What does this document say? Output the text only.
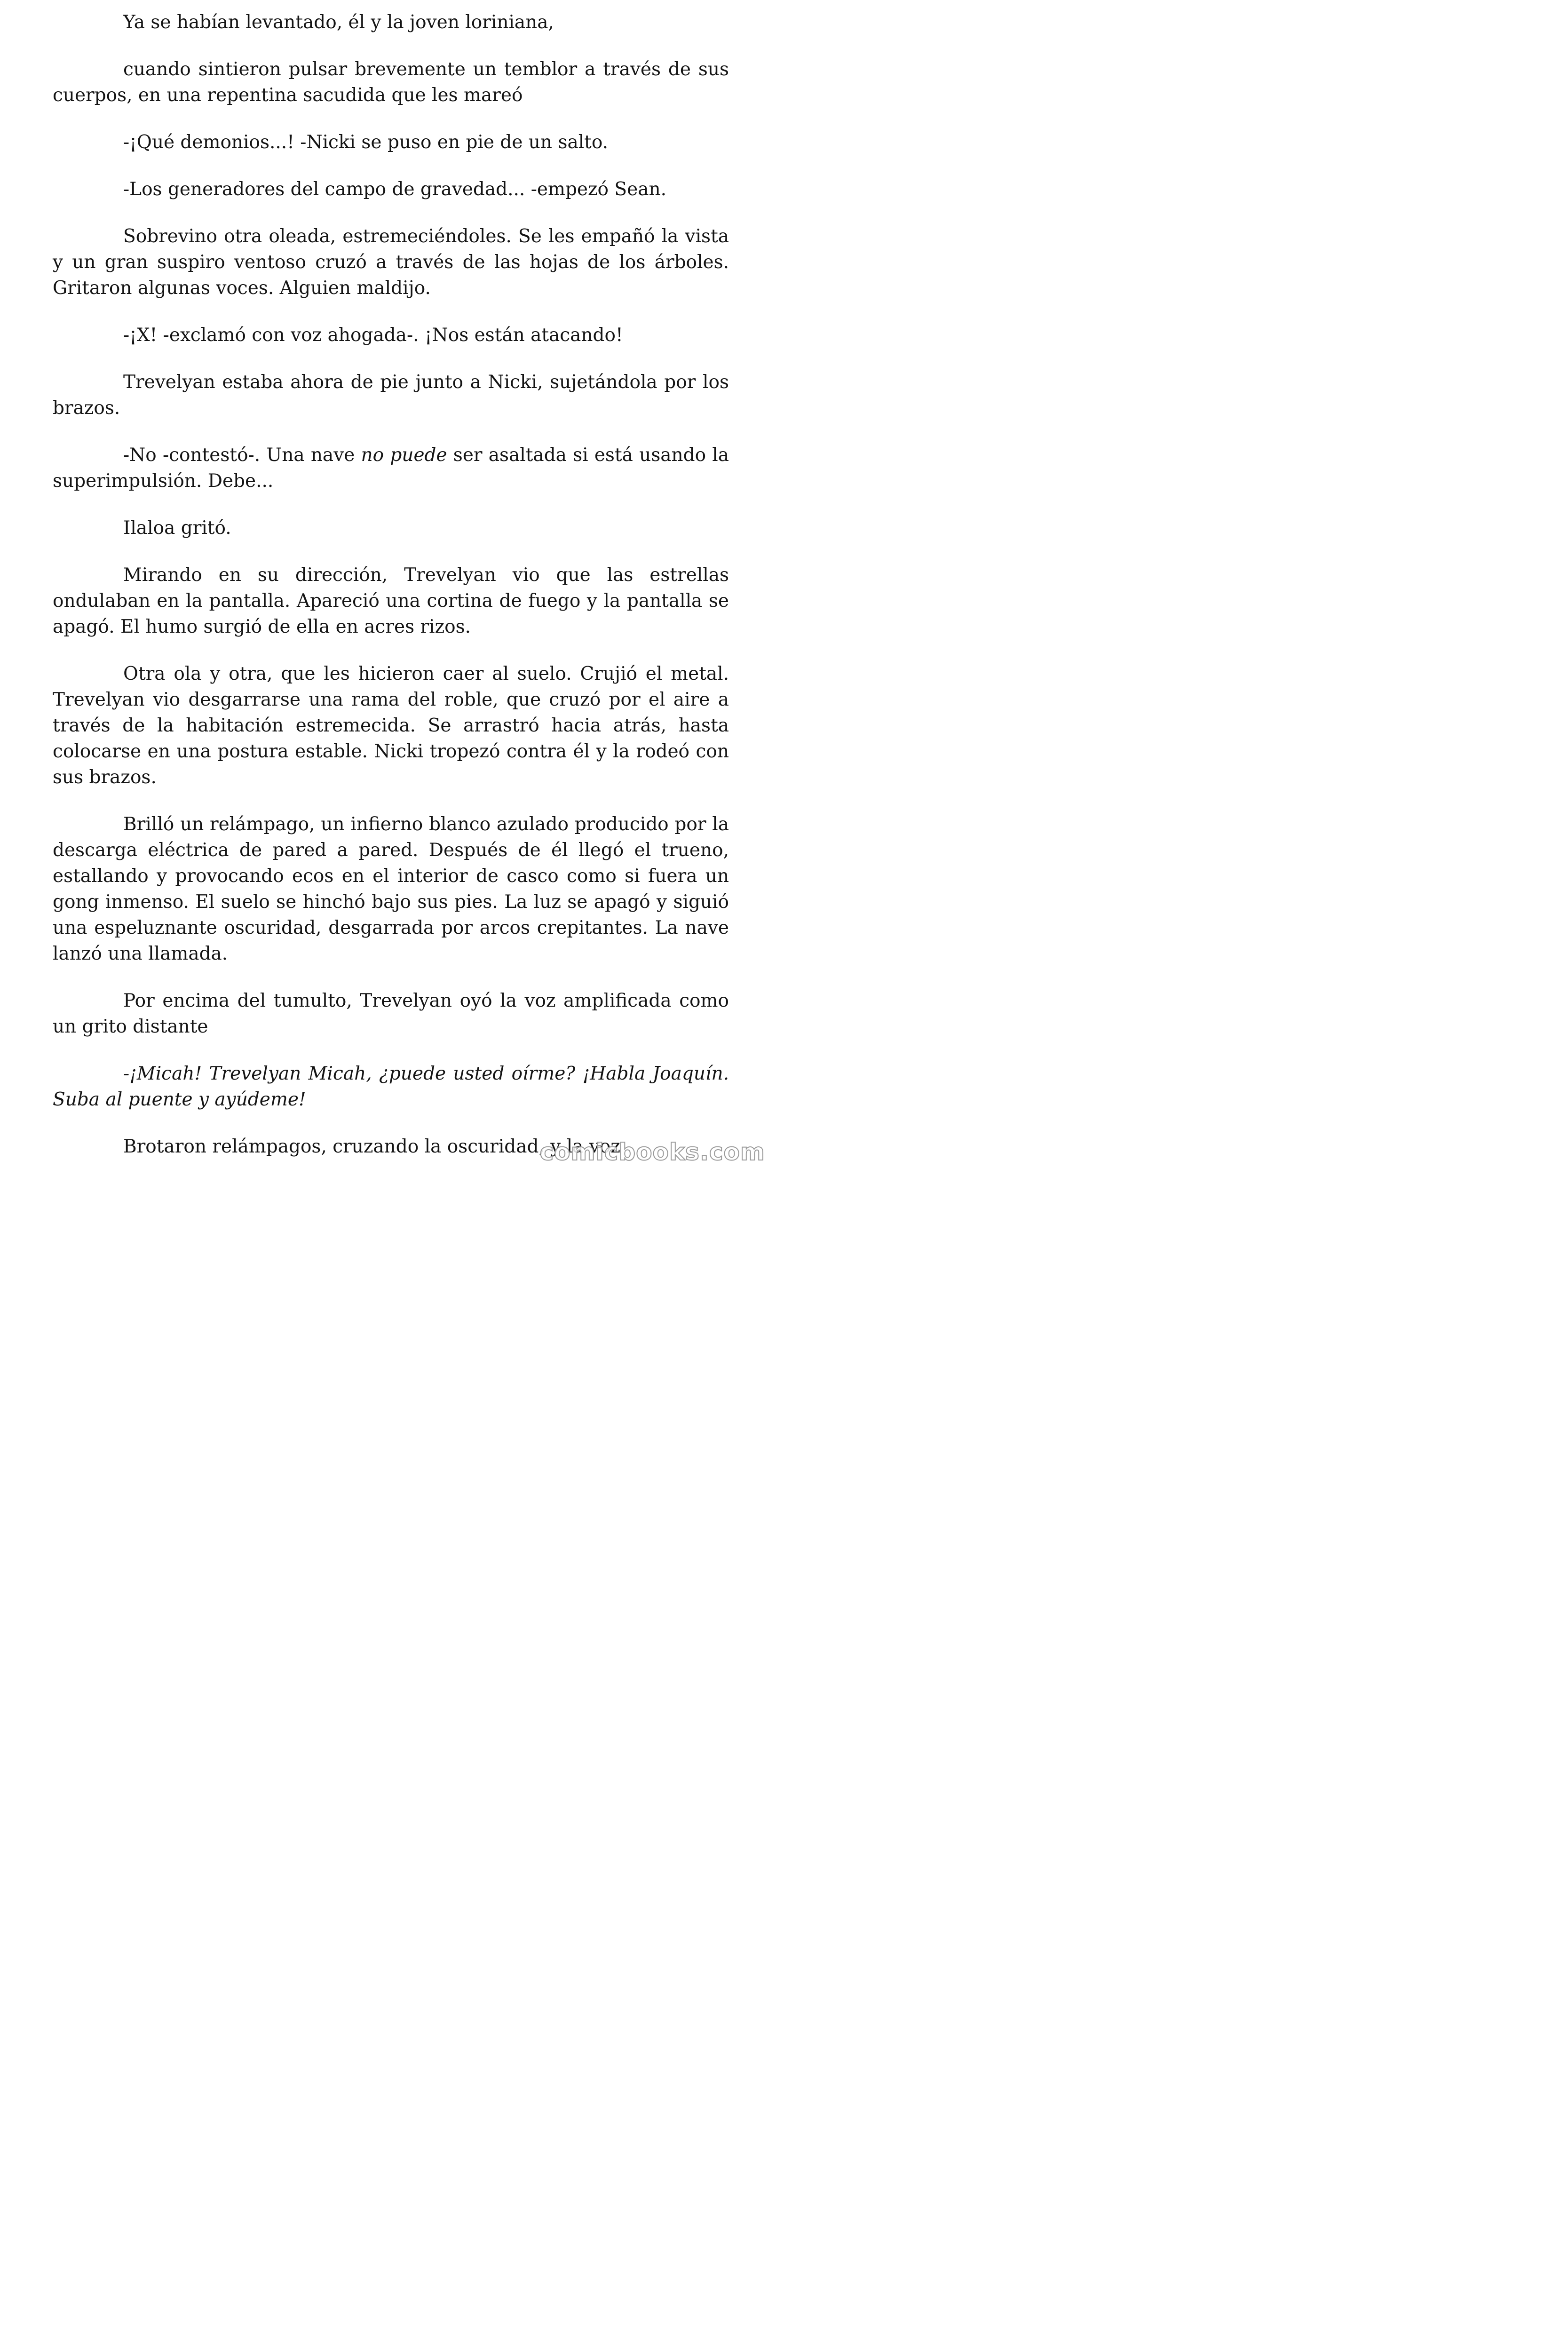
Ya se habían levantado, él y la joven loriniana,

cuando sintieron pulsar brevemente un temblor a través de sus cuerpos, en una repentina sacudida que les mareó

-¡Qué demonios...! -Nicki se puso en pie de un salto.

-Los generadores del campo de gravedad... -empezó Sean.

Sobrevino otra oleada, estremeciéndoles. Se les empañó la vista y un gran suspiro ventoso cruzó a través de las hojas de los árboles. Gritaron algunas voces. Alguien maldijo.

-¡X! -exclamó con voz ahogada-. ¡Nos están atacando!

Trevelyan estaba ahora de pie junto a Nicki, sujetándola por los brazos.

-No -contestó-. Una nave no puede ser asaltada si está usando la superimpulsión. Debe...

Ilaloa gritó.

Mirando en su dirección, Trevelyan vio que las estrellas ondulaban en la pantalla. Apareció una cortina de fuego y la pantalla se apagó. El humo surgió de ella en acres rizos.

Otra ola y otra, que les hicieron caer al suelo. Crujió el metal. Trevelyan vio desgarrarse una rama del roble, que cruzó por el aire a través de la habitación estremecida. Se arrastró hacia atrás, hasta colocarse en una postura estable. Nicki tropezó contra él y la rodeó con sus brazos.

Brilló un relámpago, un infierno blanco azulado producido por la descarga eléctrica de pared a pared. Después de él llegó el trueno, estallando y provocando ecos en el interior de casco como si fuera un gong inmenso. El suelo se hinchó bajo sus pies. La luz se apagó y siguió una espeluznante oscuridad, desgarrada por arcos crepitantes. La nave lanzó una llamada.

Por encima del tumulto, Trevelyan oyó la voz amplificada como un grito distante

-¡Micah! Trevelyan Micah, ¿puede usted oírme? ¡Habla Joaquín. Suba al puente y ayúdeme!

Brotaron relámpagos, cruzando la oscuridad, y la voz

comicbooks.com
